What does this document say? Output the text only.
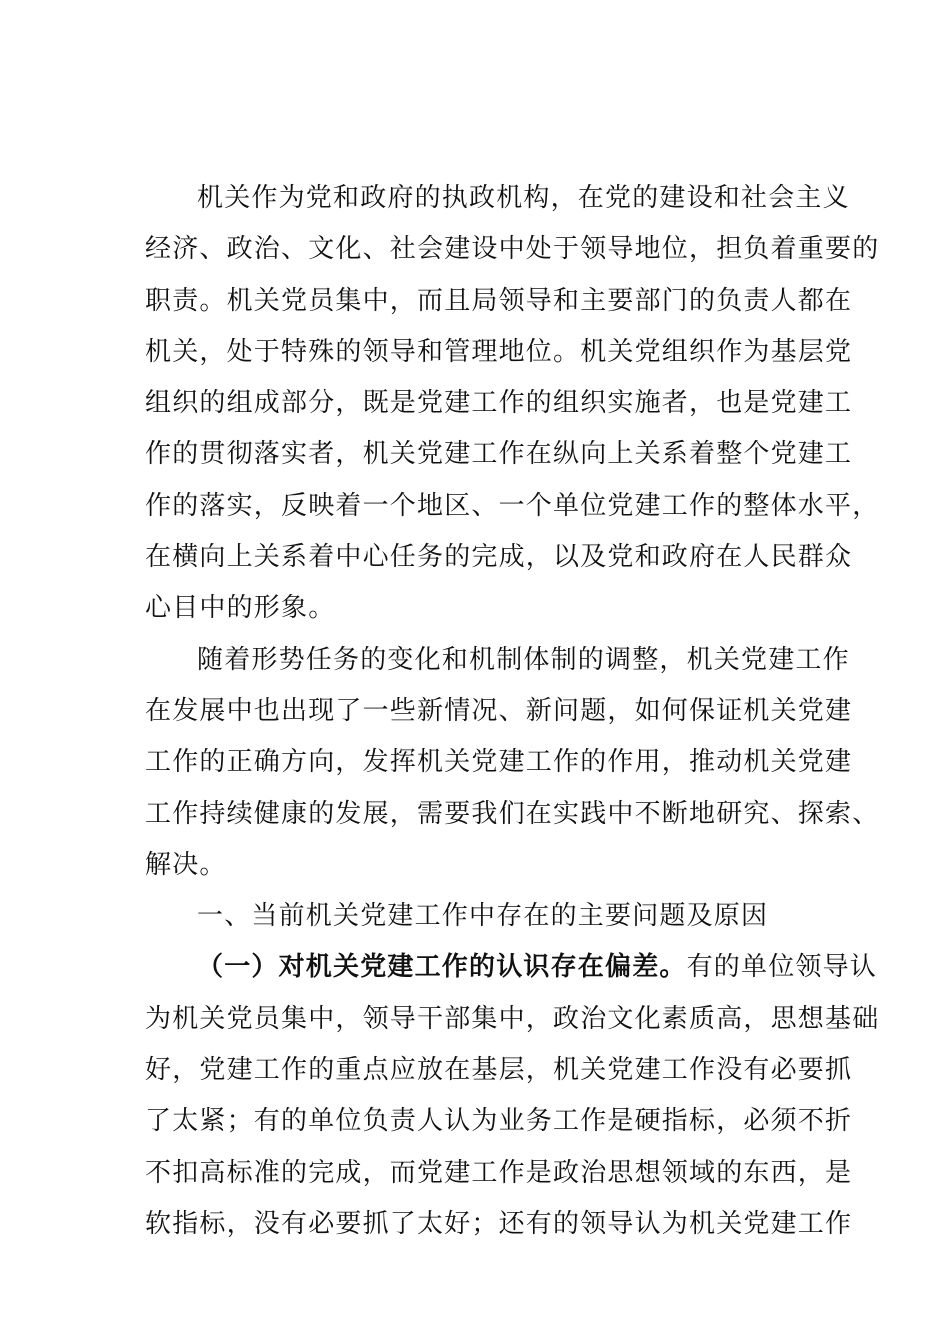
机关作为党和政府的执政机构，在党的建设和社会主义
经济、政治、文化、社会建设中处于领导地位，担负着重要的
职责。机关党员集中，而且局领导和主要部门的负责人都在
机关，处于特殊的领导和管理地位。机关党组织作为基层党
组织的组成部分，既是党建工作的组织实施者，也是党建工
作的贯彻落实者，机关党建工作在纵向上关系着整个党建工
作的落实，反映着一个地区、一个单位党建工作的整体水平，
在横向上关系着中心任务的完成，以及党和政府在人民群众
心目中的形象。
随着形势任务的变化和机制体制的调整，机关党建工作
在发展中也出现了一些新情况、新问题，如何保证机关党建
工作的正确方向，发挥机关党建工作的作用，推动机关党建
工作持续健康的发展，需要我们在实践中不断地研究、探索、
解决。
一、当前机关党建工作中存在的主要问题及原因
（一）对机关党建工作的认识存在偏差。有的单位领导认
为机关党员集中，领导干部集中，政治文化素质高，思想基础
好，党建工作的重点应放在基层，机关党建工作没有必要抓
了太紧；有的单位负责人认为业务工作是硬指标，必须不折
不扣高标准的完成，而党建工作是政治思想领域的东西，是
软指标，没有必要抓了太好；还有的领导认为机关党建工作
